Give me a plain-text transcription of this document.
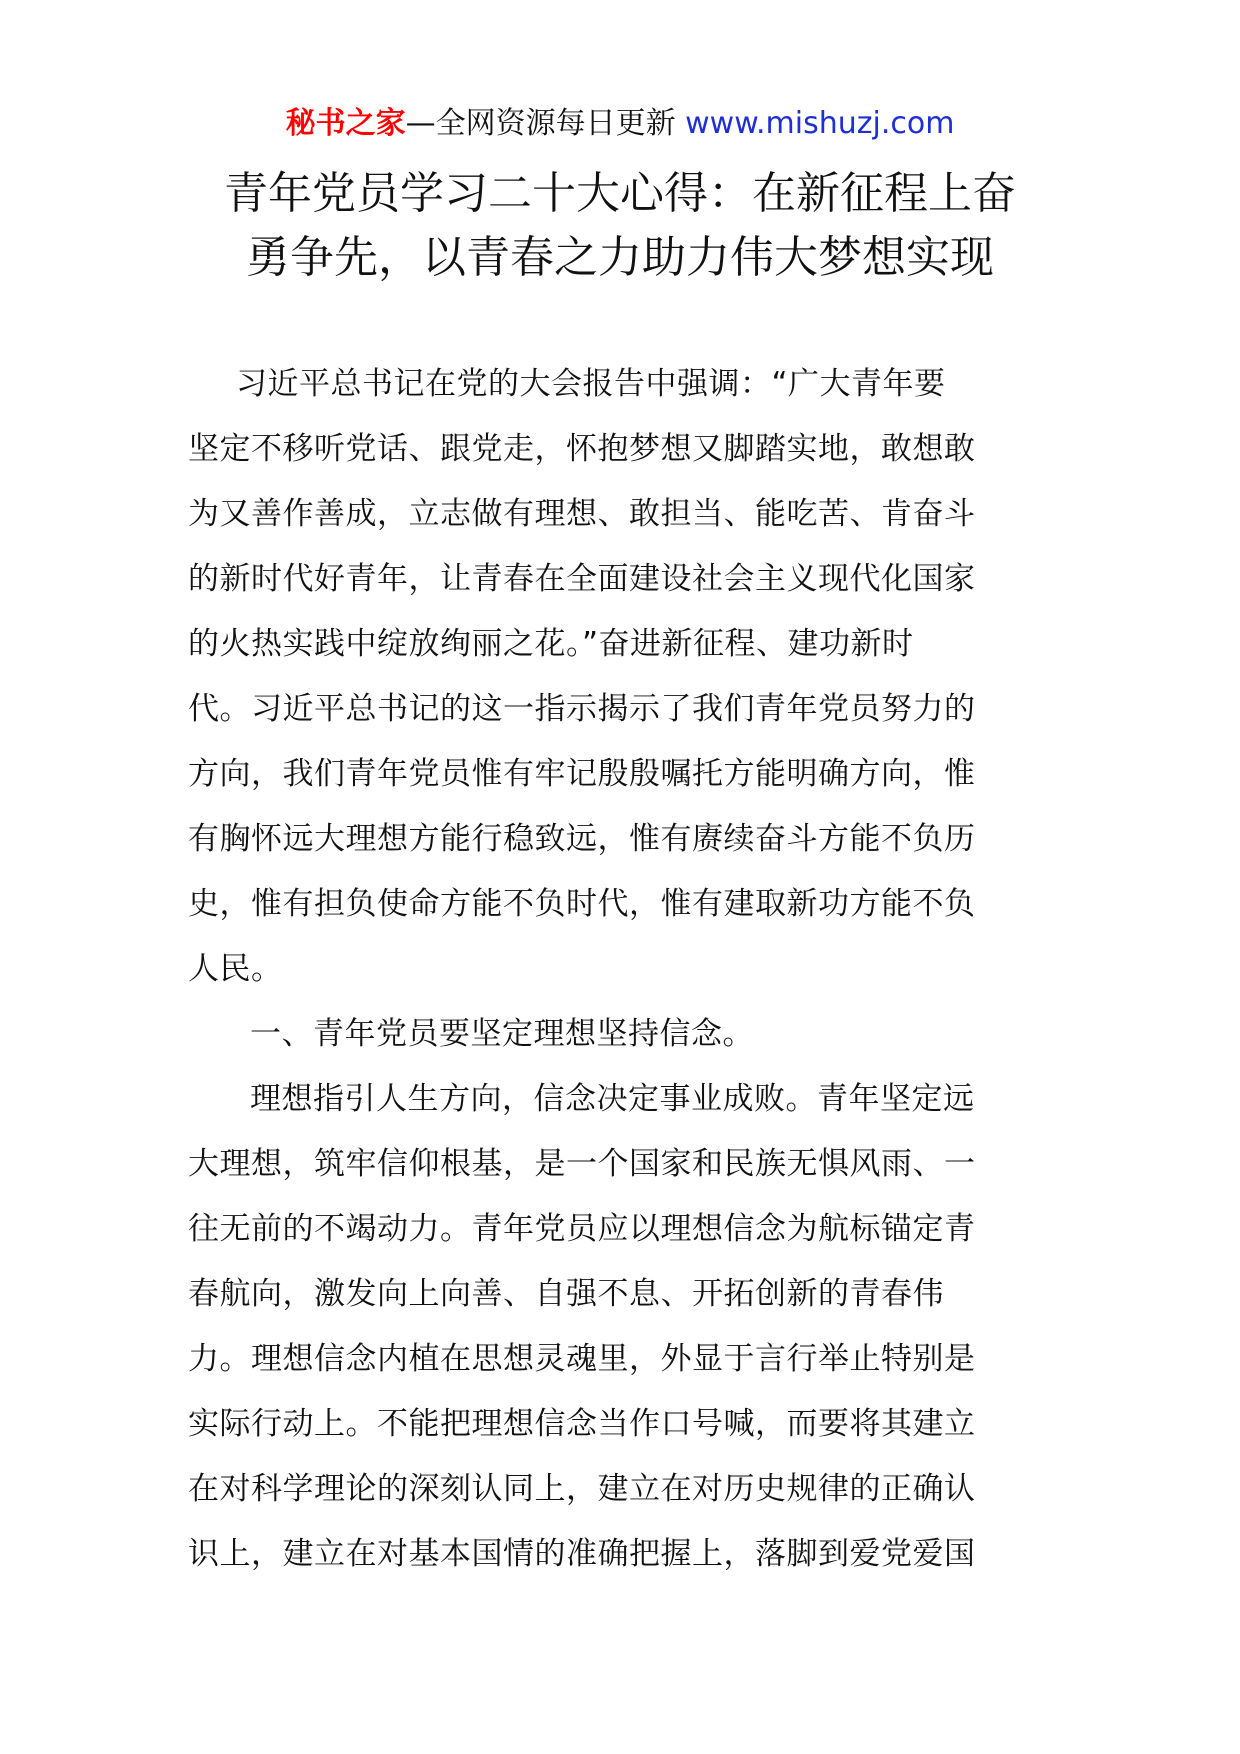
秘书之家—全网资源每日更新 www.mishuzj.com
青年党员学习二十大心得：在新征程上奋
勇争先，以青春之力助力伟大梦想实现
习近平总书记在党的大会报告中强调：“广大青年要
坚定不移听党话、跟党走，怀抱梦想又脚踏实地，敢想敢
为又善作善成，立志做有理想、敢担当、能吃苦、肯奋斗
的新时代好青年，让青春在全面建设社会主义现代化国家
的火热实践中绽放绚丽之花。”奋进新征程、建功新时
代。习近平总书记的这一指示揭示了我们青年党员努力的
方向，我们青年党员惟有牢记殷殷嘱托方能明确方向，惟
有胸怀远大理想方能行稳致远，惟有赓续奋斗方能不负历
史，惟有担负使命方能不负时代，惟有建取新功方能不负
人民。
一、青年党员要坚定理想坚持信念。
理想指引人生方向，信念决定事业成败。青年坚定远
大理想，筑牢信仰根基，是一个国家和民族无惧风雨、一
往无前的不竭动力。青年党员应以理想信念为航标锚定青
春航向，激发向上向善、自强不息、开拓创新的青春伟
力。理想信念内植在思想灵魂里，外显于言行举止特别是
实际行动上。不能把理想信念当作口号喊，而要将其建立
在对科学理论的深刻认同上，建立在对历史规律的正确认
识上，建立在对基本国情的准确把握上，落脚到爱党爱国
